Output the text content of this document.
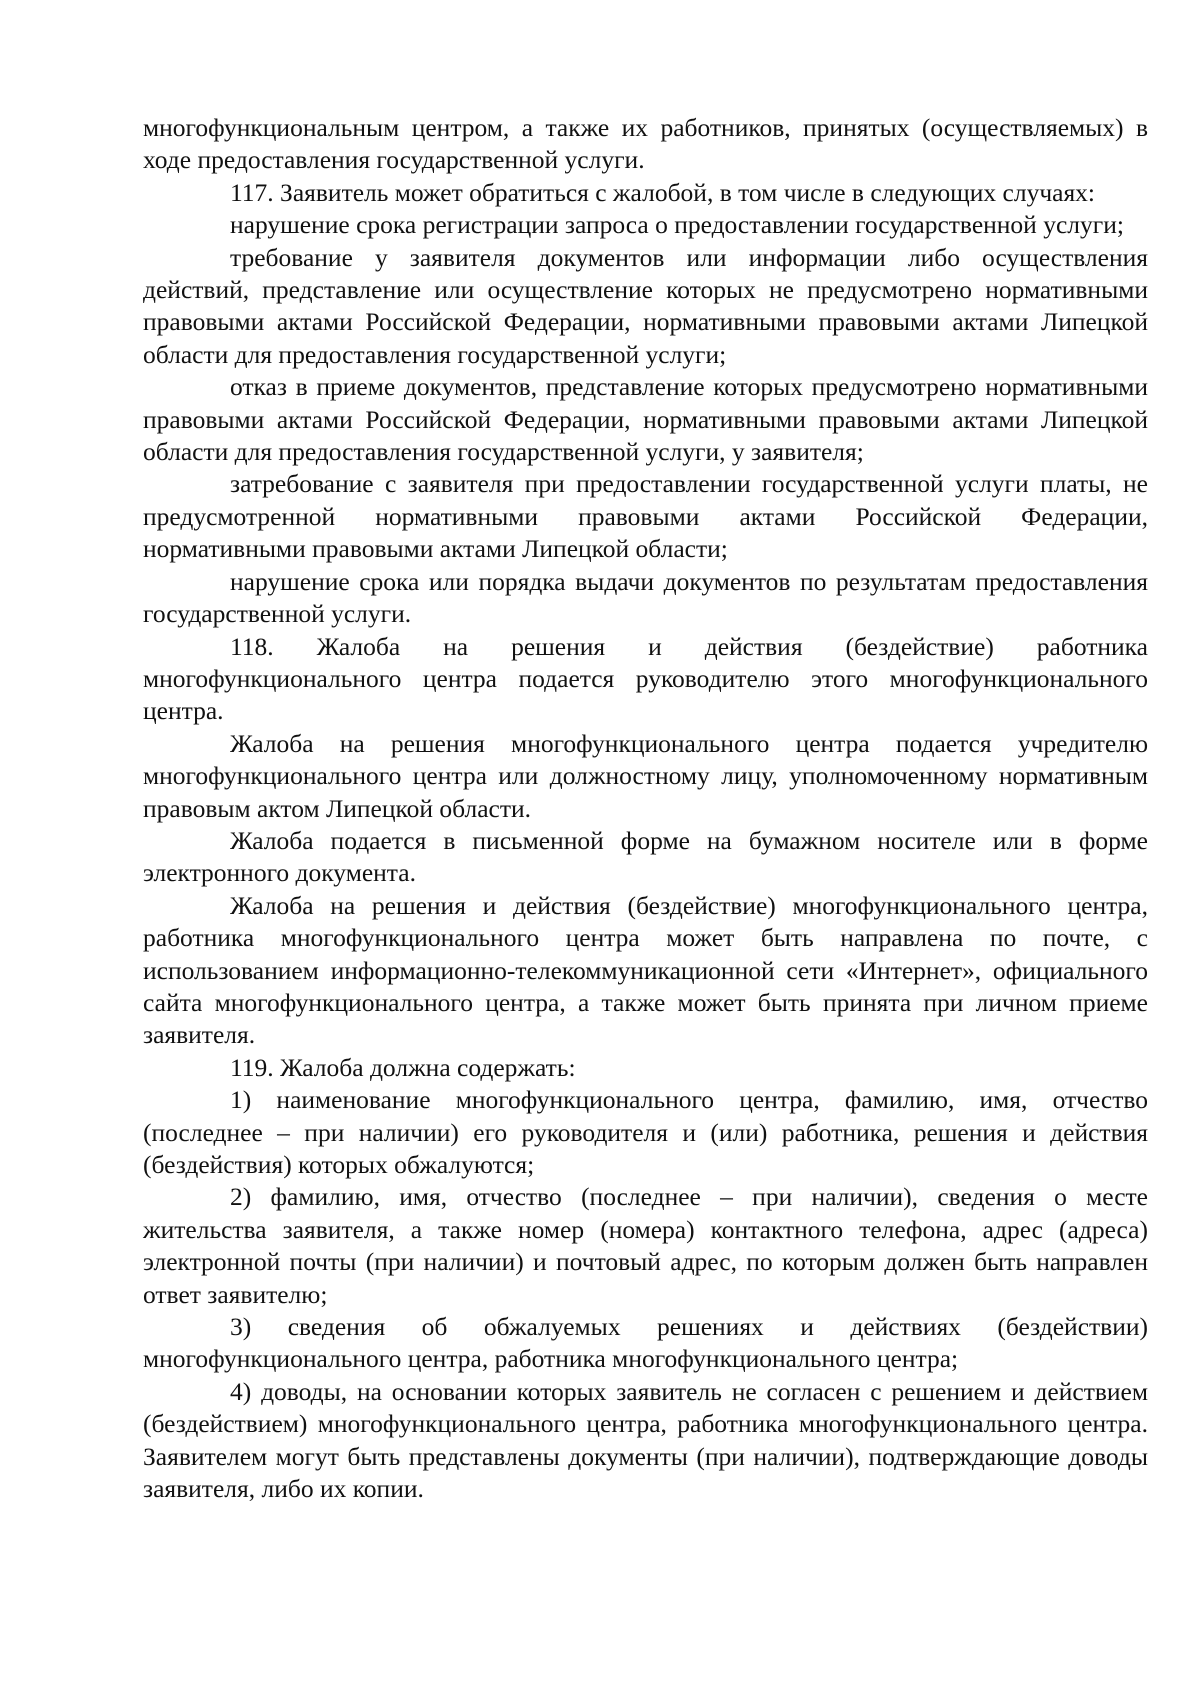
многофункциональным центром, а также их работников, принятых (осуществляемых) в ходе предоставления государственной услуги.

117. Заявитель может обратиться с жалобой, в том числе в следующих случаях:

нарушение срока регистрации запроса о предоставлении государственной услуги;

требование у заявителя документов или информации либо осуществления действий, представление или осуществление которых не предусмотрено нормативными правовыми актами Российской Федерации, нормативными правовыми актами Липецкой области для предоставления государственной услуги;

отказ в приеме документов, представление которых предусмотрено нормативными правовыми актами Российской Федерации, нормативными правовыми актами Липецкой области для предоставления государственной услуги, у заявителя;

затребование с заявителя при предоставлении государственной услуги платы, не предусмотренной нормативными правовыми актами Российской Федерации, нормативными правовыми актами Липецкой области;

нарушение срока или порядка выдачи документов по результатам предоставления государственной услуги.

118. Жалоба на решения и действия (бездействие) работника многофункционального центра подается руководителю этого многофункционального центра.

Жалоба на решения многофункционального центра подается учредителю многофункционального центра или должностному лицу, уполномоченному нормативным правовым актом Липецкой области.

Жалоба подается в письменной форме на бумажном носителе или в форме электронного документа.

Жалоба на решения и действия (бездействие) многофункционального центра, работника многофункционального центра может быть направлена по почте, с использованием информационно-телекоммуникационной сети «Интернет», официального сайта многофункционального центра, а также может быть принята при личном приеме заявителя.

119. Жалоба должна содержать:

1) наименование многофункционального центра, фамилию, имя, отчество (последнее – при наличии) его руководителя и (или) работника, решения и действия (бездействия) которых обжалуются;

2) фамилию, имя, отчество (последнее – при наличии), сведения о месте жительства заявителя, а также номер (номера) контактного телефона, адрес (адреса) электронной почты (при наличии) и почтовый адрес, по которым должен быть направлен ответ заявителю;

3) сведения об обжалуемых решениях и действиях (бездействии) многофункционального центра, работника многофункционального центра;

4) доводы, на основании которых заявитель не согласен с решением и действием (бездействием) многофункционального центра, работника многофункционального центра. Заявителем могут быть представлены документы (при наличии), подтверждающие доводы заявителя, либо их копии.
